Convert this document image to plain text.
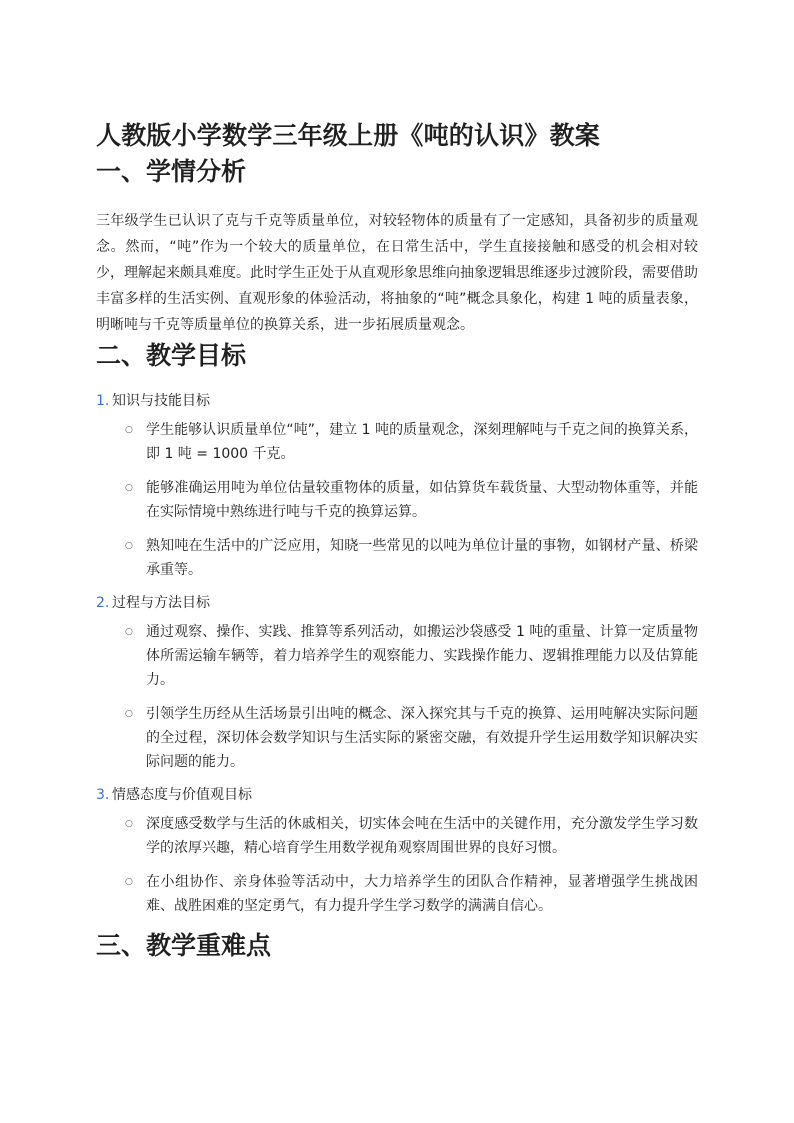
人教版小学数学三年级上册《吨的认识》教案
一、学情分析

三年级学生已认识了克与千克等质量单位，对较轻物体的质量有了一定感知，具备初步的质量观念。然而，“吨”作为一个较大的质量单位，在日常生活中，学生直接接触和感受的机会相对较少，理解起来颇具难度。此时学生正处于从直观形象思维向抽象逻辑思维逐步过渡阶段，需要借助丰富多样的生活实例、直观形象的体验活动，将抽象的“吨”概念具象化，构建 1 吨的质量表象，明晰吨与千克等质量单位的换算关系，进一步拓展质量观念。

二、教学目标
1. 知识与技能目标
○ 学生能够认识质量单位“吨”，建立 1 吨的质量观念，深刻理解吨与千克之间的换算关系，即 1 吨 = 1000 千克。
○ 能够准确运用吨为单位估量较重物体的质量，如估算货车载货量、大型动物体重等，并能在实际情境中熟练进行吨与千克的换算运算。
○ 熟知吨在生活中的广泛应用，知晓一些常见的以吨为单位计量的事物，如钢材产量、桥梁承重等。
2. 过程与方法目标
○ 通过观察、操作、实践、推算等系列活动，如搬运沙袋感受 1 吨的重量、计算一定质量物体所需运输车辆等，着力培养学生的观察能力、实践操作能力、逻辑推理能力以及估算能力。
○ 引领学生历经从生活场景引出吨的概念、深入探究其与千克的换算、运用吨解决实际问题的全过程，深切体会数学知识与生活实际的紧密交融，有效提升学生运用数学知识解决实际问题的能力。
3. 情感态度与价值观目标
○ 深度感受数学与生活的休戚相关，切实体会吨在生活中的关键作用，充分激发学生学习数学的浓厚兴趣，精心培育学生用数学视角观察周围世界的良好习惯。
○ 在小组协作、亲身体验等活动中，大力培养学生的团队合作精神，显著增强学生挑战困难、战胜困难的坚定勇气，有力提升学生学习数学的满满自信心。
三、教学重难点
